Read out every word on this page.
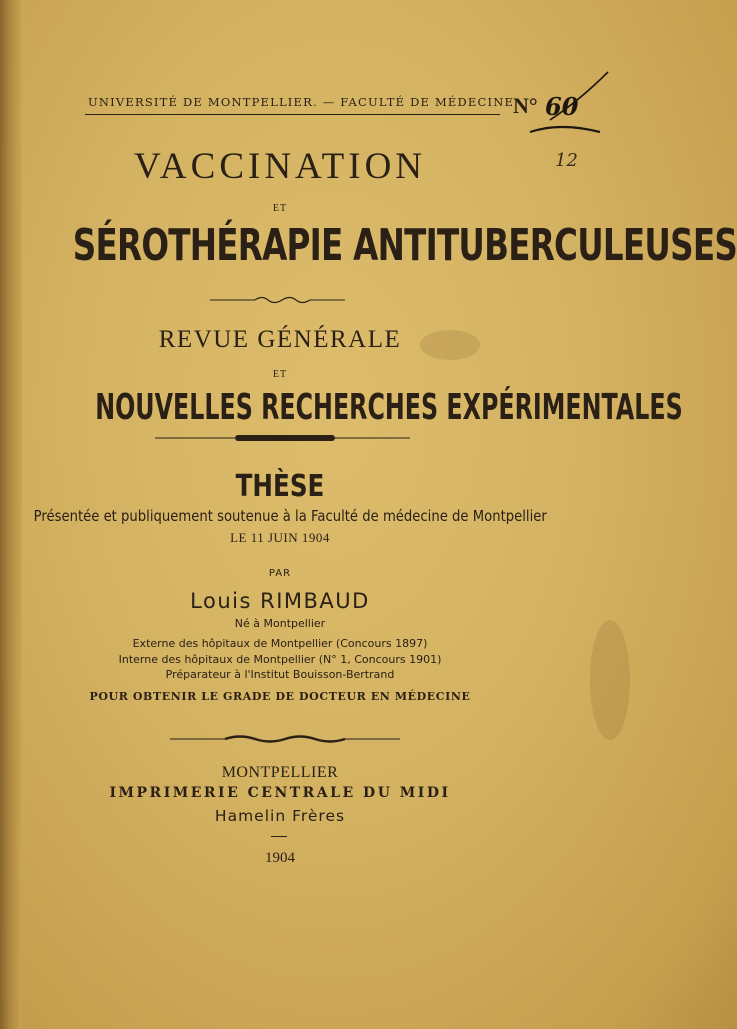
UNIVERSITÉ DE MONTPELLIER. — FACULTÉ DE MÉDECINE
N° 60
12
VACCINATION
ET
SÉROTHÉRAPIE ANTITUBERCULEUSES
REVUE GÉNÉRALE
ET
NOUVELLES RECHERCHES EXPÉRIMENTALES
THÈSE
Présentée et publiquement soutenue à la Faculté de médecine de Montpellier
LE 11 JUIN 1904
PAR
Louis RIMBAUD
Né à Montpellier
Externe des hôpitaux de Montpellier (Concours 1897)
Interne des hôpitaux de Montpellier (N° 1, Concours 1901)
Préparateur à l'Institut Bouisson-Bertrand
POUR OBTENIR LE GRADE DE DOCTEUR EN MÉDECINE
MONTPELLIER
IMPRIMERIE CENTRALE DU MIDI
Hamelin Frères
1904
